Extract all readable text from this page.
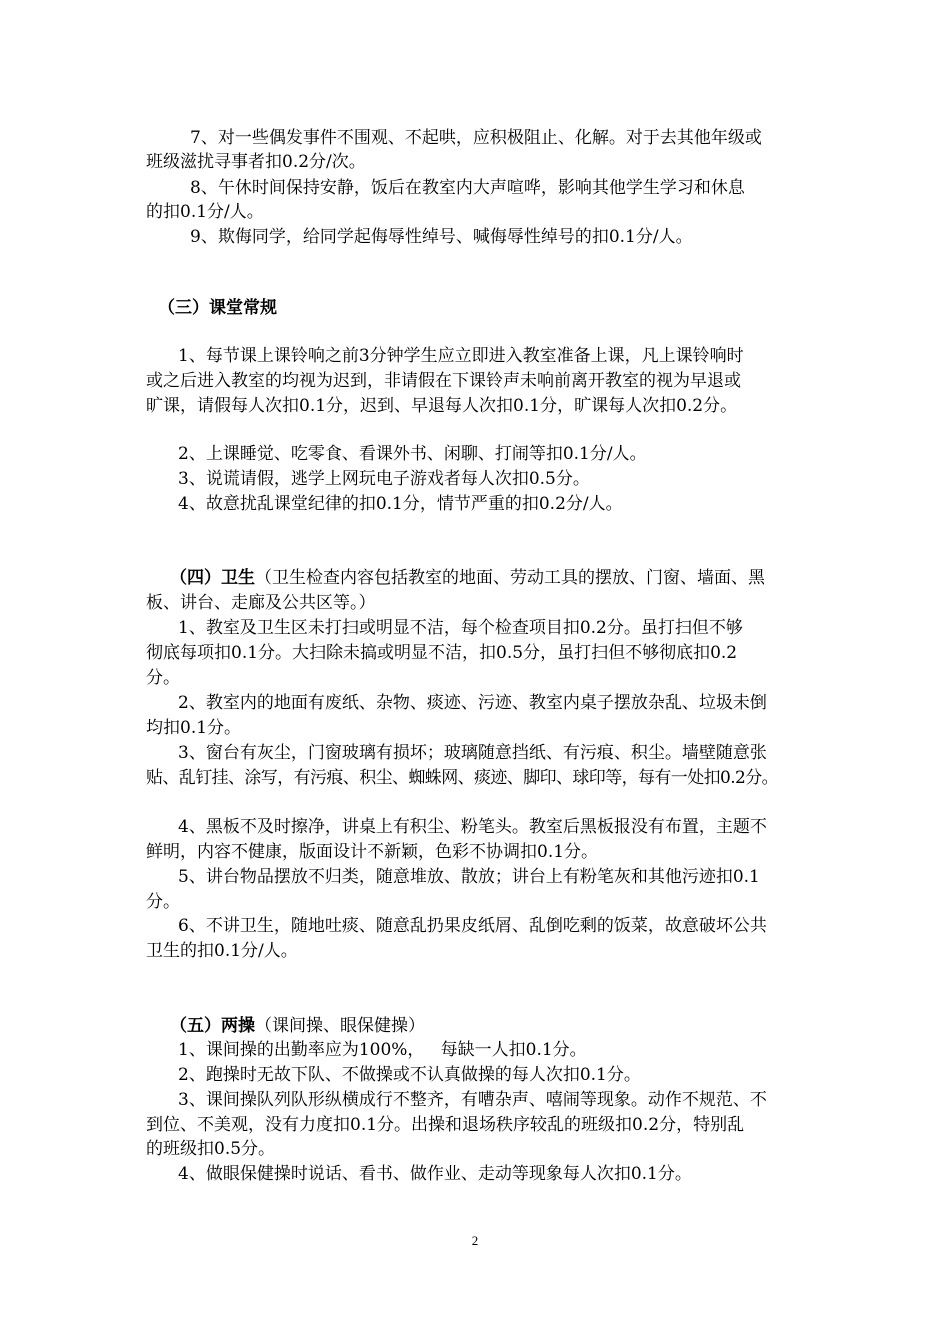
7、对一些偶发事件不围观、不起哄，应积极阻止、化解。对于去其他年级或

班级滋扰寻事者扣0.2分/次。

8、午休时间保持安静，饭后在教室内大声喧哗，影响其他学生学习和休息

的扣0.1分/人。

9、欺侮同学，给同学起侮辱性绰号、喊侮辱性绰号的扣0.1分/人。

（三）课堂常规

1、每节课上课铃响之前3分钟学生应立即进入教室准备上课，凡上课铃响时

或之后进入教室的均视为迟到，非请假在下课铃声未响前离开教室的视为早退或

旷课，请假每人次扣0.1分，迟到、早退每人次扣0.1分，旷课每人次扣0.2分。

2、上课睡觉、吃零食、看课外书、闲聊、打闹等扣0.1分/人。

3、说谎请假，逃学上网玩电子游戏者每人次扣0.5分。

4、故意扰乱课堂纪律的扣0.1分，情节严重的扣0.2分/人。

（四）卫生（卫生检查内容包括教室的地面、劳动工具的摆放、门窗、墙面、黑

板、讲台、走廊及公共区等。）

1、教室及卫生区未打扫或明显不洁，每个检查项目扣0.2分。虽打扫但不够

彻底每项扣0.1分。大扫除未搞或明显不洁，扣0.5分，虽打扫但不够彻底扣0.2

分。

2、教室内的地面有废纸、杂物、痰迹、污迹、教室内桌子摆放杂乱、垃圾未倒

均扣0.1分。

3、窗台有灰尘，门窗玻璃有损坏；玻璃随意挡纸、有污痕、积尘。墙壁随意张

贴、乱钉挂、涂写，有污痕、积尘、蜘蛛网、痰迹、脚印、球印等，每有一处扣0.2分。

4、黑板不及时擦净，讲桌上有积尘、粉笔头。教室后黑板报没有布置，主题不

鲜明，内容不健康，版面设计不新颖，色彩不协调扣0.1分。

5、讲台物品摆放不归类，随意堆放、散放；讲台上有粉笔灰和其他污迹扣0.1

分。

6、不讲卫生，随地吐痰、随意乱扔果皮纸屑、乱倒吃剩的饭菜，故意破坏公共

卫生的扣0.1分/人。

（五）两操（课间操、眼保健操）

1、课间操的出勤率应为100%，   每缺一人扣0.1分。

2、跑操时无故下队、不做操或不认真做操的每人次扣0.1分。

3、课间操队列队形纵横成行不整齐，有嘈杂声、嘻闹等现象。动作不规范、不

到位、不美观，没有力度扣0.1分。出操和退场秩序较乱的班级扣0.2分，特别乱

的班级扣0.5分。

4、做眼保健操时说话、看书、做作业、走动等现象每人次扣0.1分。

2
